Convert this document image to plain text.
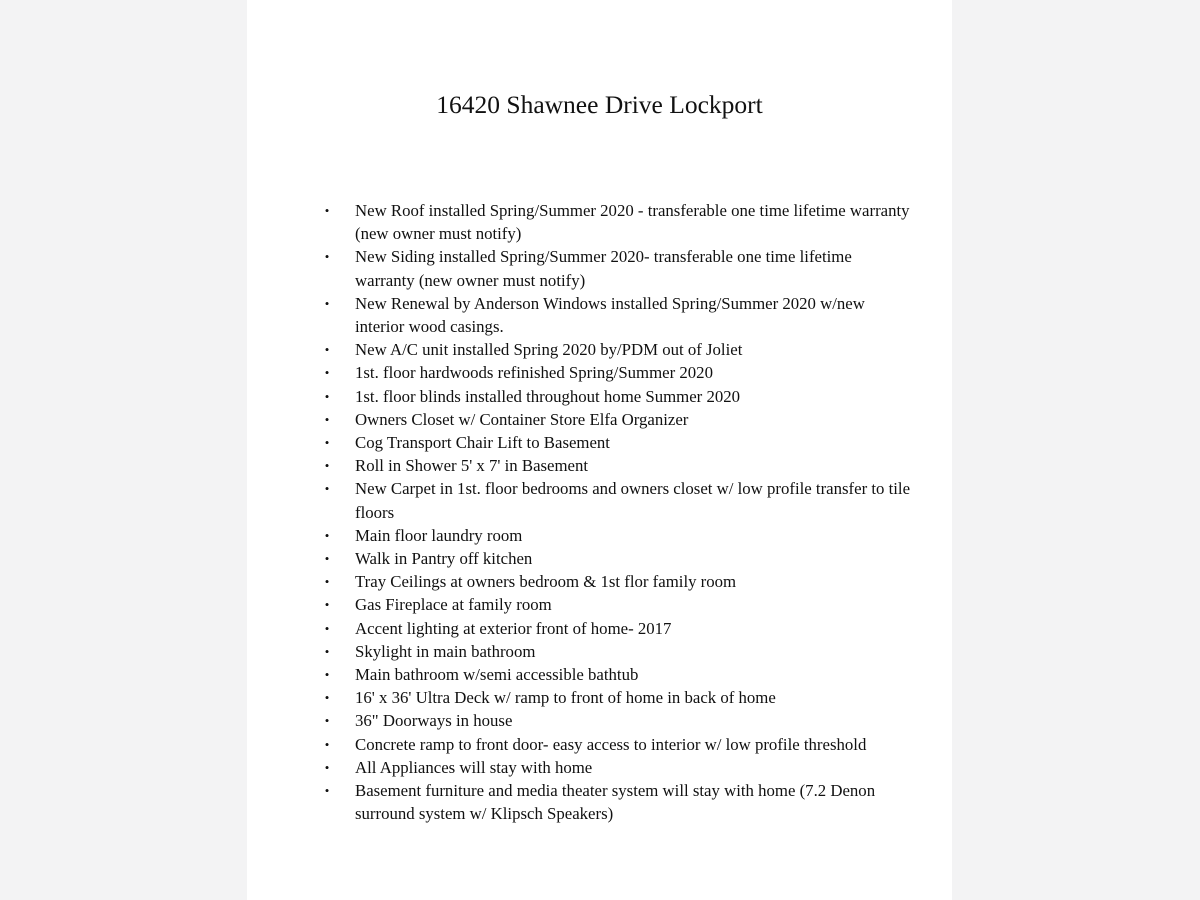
16420 Shawnee Drive Lockport
• New Roof installed Spring/Summer 2020 - transferable one time lifetime warranty (new owner must notify)
• New Siding installed Spring/Summer 2020- transferable one time lifetime warranty (new owner must notify)
• New Renewal by Anderson Windows installed Spring/Summer 2020 w/new interior wood casings.
• New A/C unit installed Spring 2020 by/PDM out of Joliet
• 1st. floor hardwoods refinished Spring/Summer 2020
• 1st. floor blinds installed throughout home Summer 2020
• Owners Closet w/ Container Store Elfa Organizer
• Cog Transport Chair Lift to Basement
• Roll in Shower 5' x 7' in Basement
• New Carpet in 1st. floor bedrooms and owners closet w/ low profile transfer to tile floors
• Main floor laundry room
• Walk in Pantry off kitchen
• Tray Ceilings at owners bedroom & 1st flor family room
• Gas Fireplace at family room
• Accent lighting at exterior front of home- 2017
• Skylight in main bathroom
• Main bathroom w/semi accessible bathtub
• 16' x 36' Ultra Deck w/ ramp to front of home in back of home
• 36" Doorways in house
• Concrete ramp to front door- easy access to interior w/ low profile threshold
• All Appliances will stay with home
• Basement furniture and media theater system will stay with home (7.2 Denon surround system w/ Klipsch Speakers)
